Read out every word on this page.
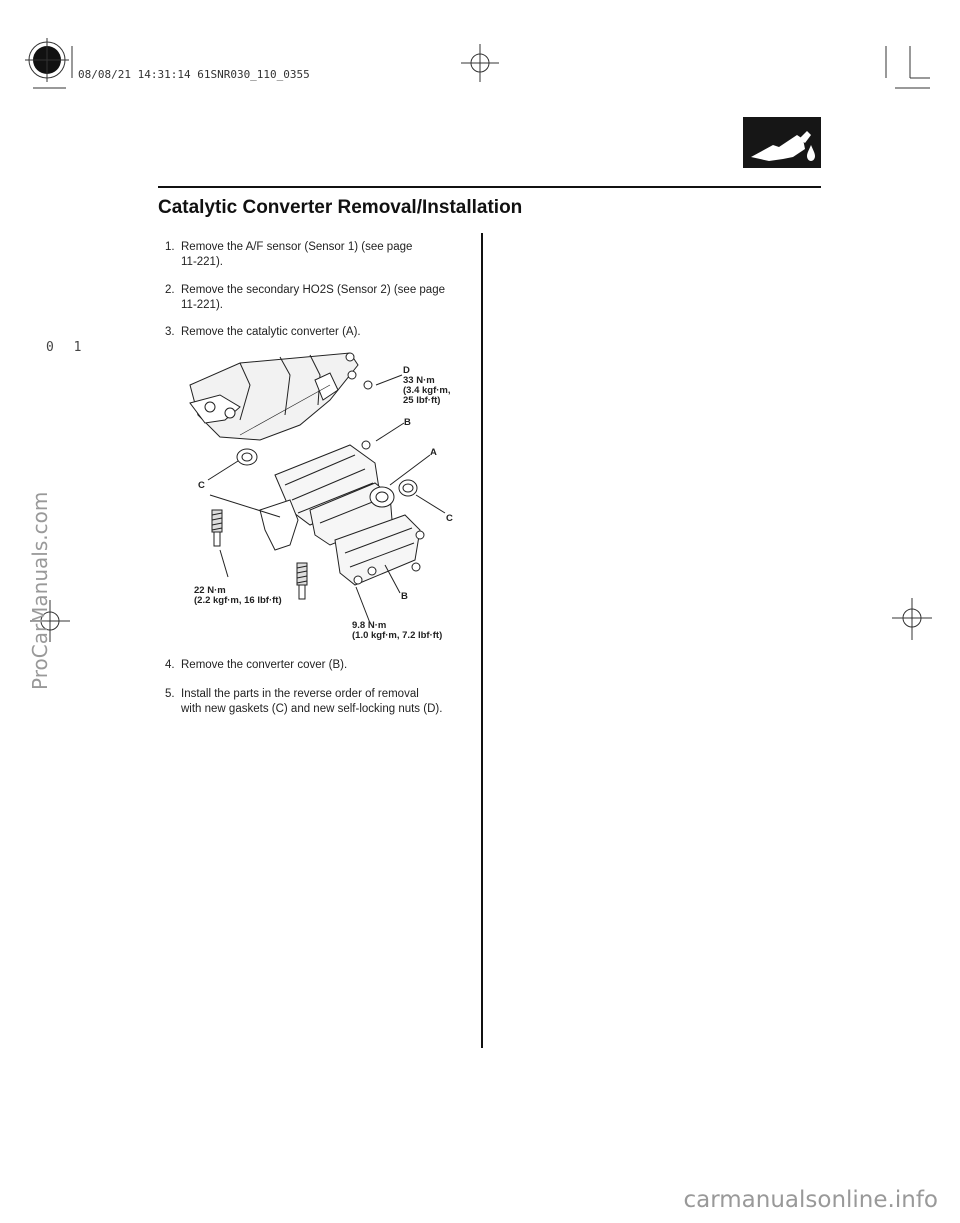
08/08/21 14:31:14 61SNR030_110_0355
0 1
Catalytic Converter Removal/Installation
1. Remove the A/F sensor (Sensor 1) (see page
11-221).
2. Remove the secondary HO2S (Sensor 2) (see page
11-221).
3. Remove the catalytic converter (A).
D
33 N·m
(3.4 kgf·m,
25 lbf·ft)
B
A
C
C
22 N·m
(2.2 kgf·m, 16 lbf·ft)	B
9.8 N·m
(1.0 kgf·m, 7.2 lbf·ft)
4. Remove the converter cover (B).
5. Install the parts in the reverse order of removal
with new gaskets (C) and new self-locking nuts (D).
ProCarManuals.com
carmanualsonline.info
